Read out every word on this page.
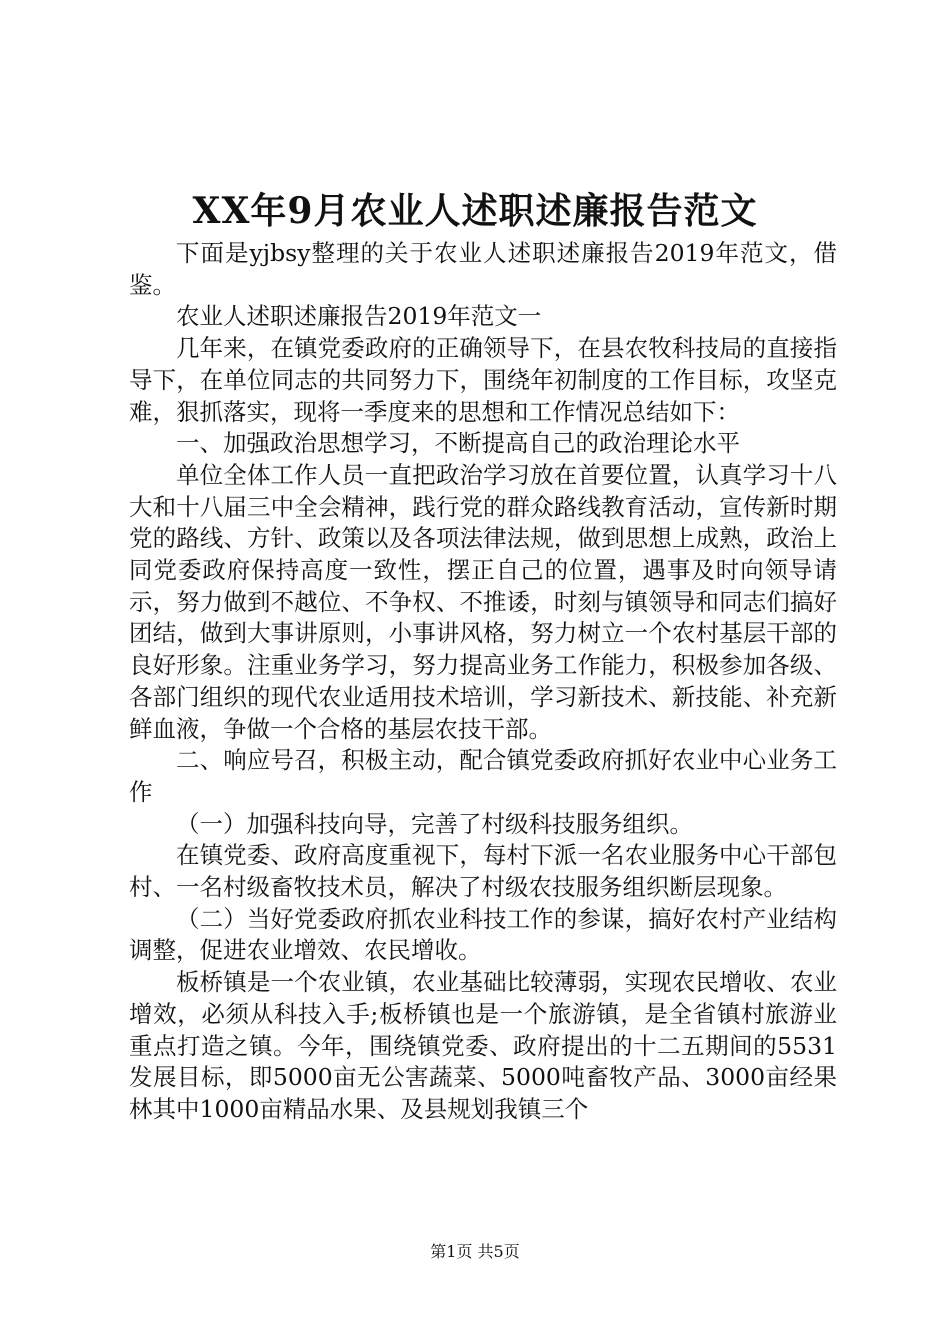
XX年9月农业人述职述廉报告范文

下面是yjbsy整理的关于农业人述职述廉报告2019年范文，借鉴。

农业人述职述廉报告2019年范文一

几年来，在镇党委政府的正确领导下，在县农牧科技局的直接指导下，在单位同志的共同努力下，围绕年初制度的工作目标，攻坚克难，狠抓落实，现将一季度来的思想和工作情况总结如下：

一、加强政治思想学习，不断提高自己的政治理论水平

单位全体工作人员一直把政治学习放在首要位置，认真学习十八大和十八届三中全会精神，践行党的群众路线教育活动，宣传新时期党的路线、方针、政策以及各项法律法规，做到思想上成熟，政治上同党委政府保持高度一致性，摆正自己的位置，遇事及时向领导请示，努力做到不越位、不争权、不推诿，时刻与镇领导和同志们搞好团结，做到大事讲原则，小事讲风格，努力树立一个农村基层干部的良好形象。注重业务学习，努力提高业务工作能力，积极参加各级、各部门组织的现代农业适用技术培训，学习新技术、新技能、补充新鲜血液，争做一个合格的基层农技干部。

二、响应号召，积极主动，配合镇党委政府抓好农业中心业务工作

（一）加强科技向导，完善了村级科技服务组织。

在镇党委、政府高度重视下，每村下派一名农业服务中心干部包村、一名村级畜牧技术员，解决了村级农技服务组织断层现象。

（二）当好党委政府抓农业科技工作的参谋，搞好农村产业结构调整，促进农业增效、农民增收。

板桥镇是一个农业镇，农业基础比较薄弱，实现农民增收、农业增效，必须从科技入手;板桥镇也是一个旅游镇，是全省镇村旅游业重点打造之镇。今年，围绕镇党委、政府提出的十二五期间的5531发展目标，即5000亩无公害蔬菜、5000吨畜牧产品、3000亩经果林其中1000亩精品水果、及县规划我镇三个

第1页 共5页
